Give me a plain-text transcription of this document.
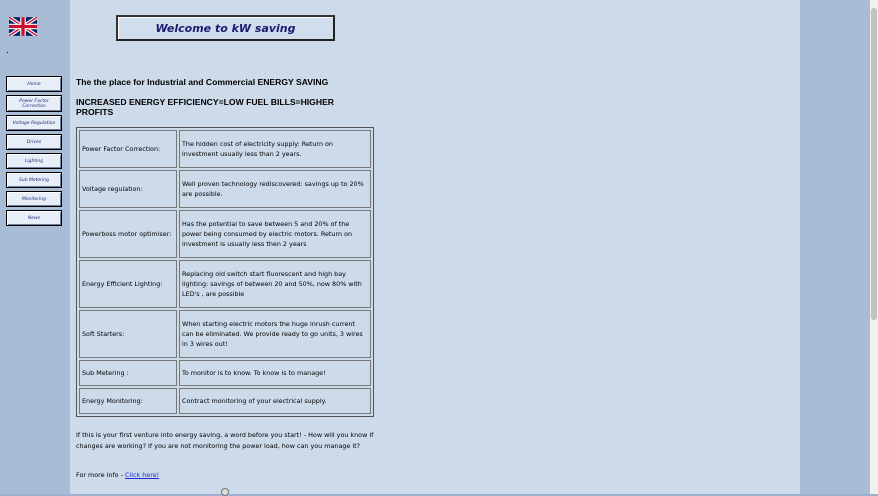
.
Home
Power Factor Correction
Voltage Regulation
Drives
Lighting
Sub Metering
Monitoring
News
Welcome to kW saving
The the place for Industrial and Commercial ENERGY SAVING
INCREASED ENERGY EFFICIENCY=LOW FUEL BILLS=HIGHER PROFITS
Power Factor Correction:	The hidden cost of electricity supply: Return on investment usually less than 2 years.
Voltage regulation:	Well proven technology rediscovered: savings up to 20% are possible.
Powerboss motor optimiser:	Has the potential to save between 5 and 20% of the power being consumed by electric motors. Return on investment is usually less then 2 years
Energy Efficient Lighting:	Replacing old switch start fluorescent and high bay lighting: savings of between 20 and 50%, now 80% with LED's , are possible
Soft Starters:	When starting electric motors the huge inrush current can be eliminated. We provide ready to go units, 3 wires in 3 wires out!
Sub Metering :	To monitor is to know. To know is to manage!
Energy Monitoring:	Contract monitoring of your electrical supply.
If this is your first venture into energy saving, a word before you start! - How will you know if changes are working? If you are not monitoring the power load, how can you manage it?
For more info - Click here!
